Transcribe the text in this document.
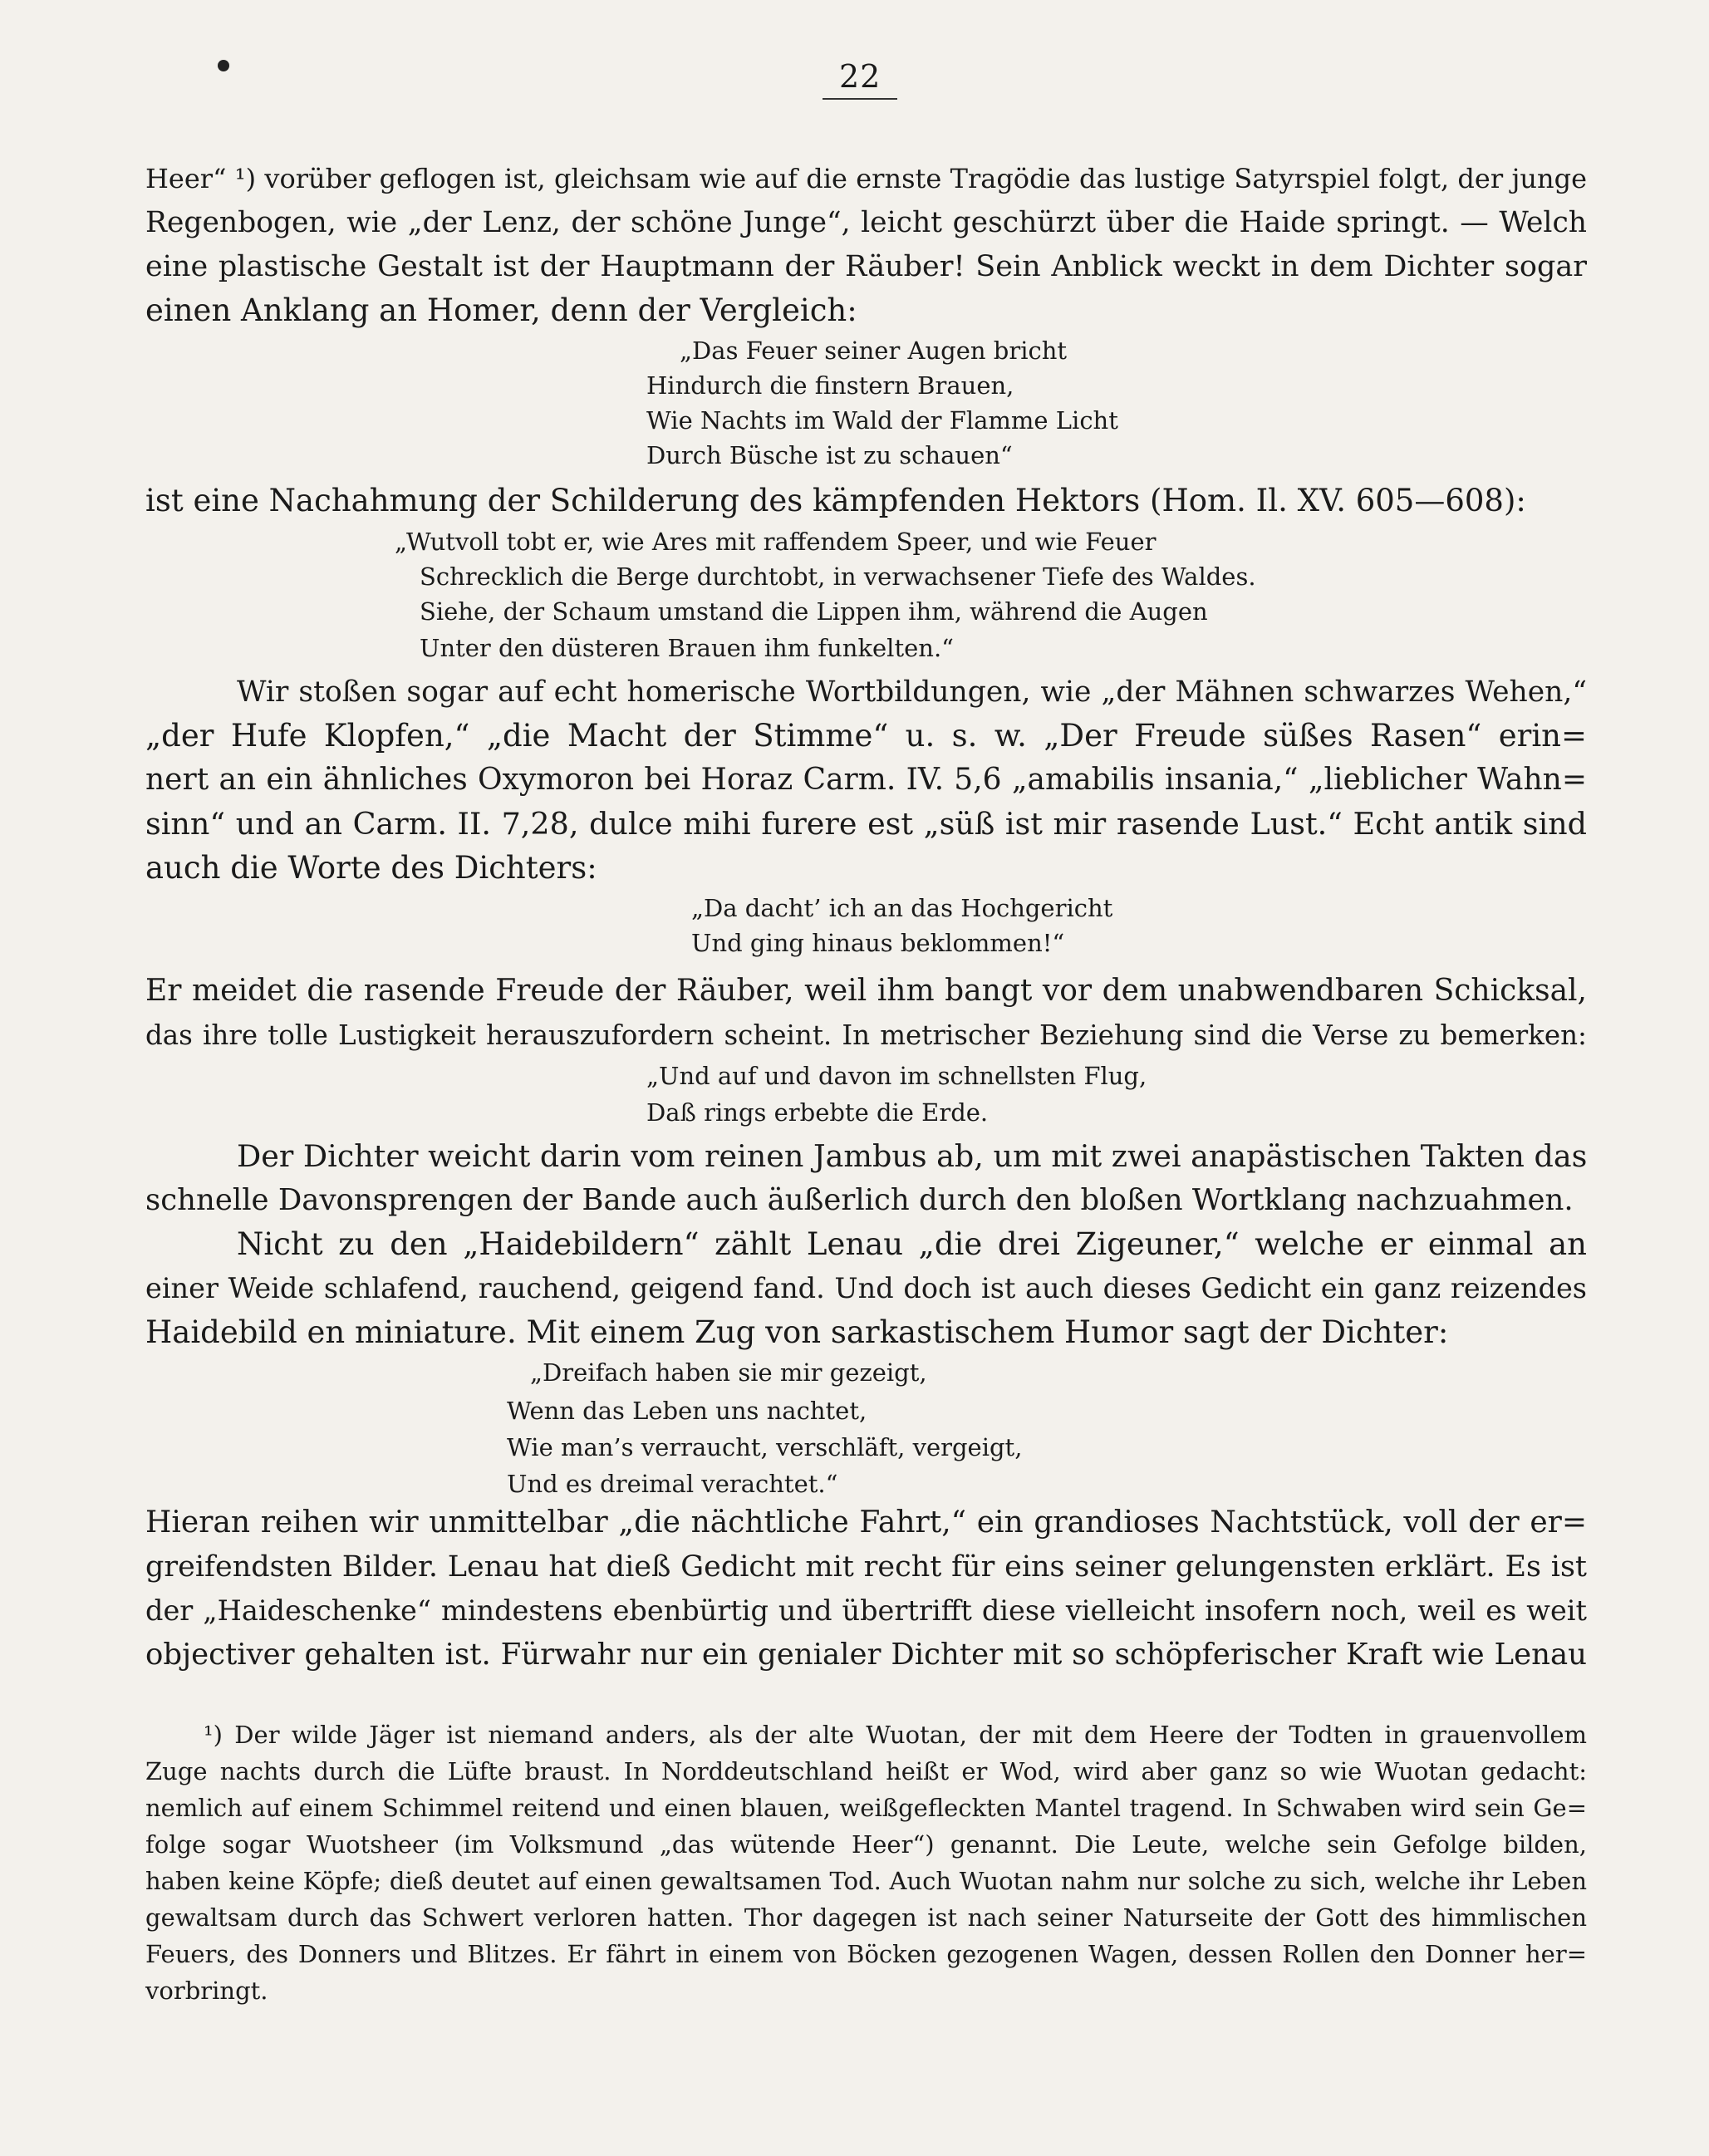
22
Heer“ ¹) vorüber geflogen ist, gleichsam wie auf die ernste Tragödie das lustige Satyrspiel folgt, der junge
Regenbogen, wie „der Lenz, der schöne Junge“, leicht geschürzt über die Haide springt. — Welch
eine plastische Gestalt ist der Hauptmann der Räuber! Sein Anblick weckt in dem Dichter sogar
einen Anklang an Homer, denn der Vergleich:
„Das Feuer seiner Augen bricht
Hindurch die finstern Brauen,
Wie Nachts im Wald der Flamme Licht
Durch Büsche ist zu schauen“
ist eine Nachahmung der Schilderung des kämpfenden Hektors (Hom. Il. XV. 605—608):
„Wutvoll tobt er, wie Ares mit raffendem Speer, und wie Feuer
Schrecklich die Berge durchtobt, in verwachsener Tiefe des Waldes.
Siehe, der Schaum umstand die Lippen ihm, während die Augen
Unter den düsteren Brauen ihm funkelten.“
Wir stoßen sogar auf echt homerische Wortbildungen, wie „der Mähnen schwarzes Wehen,“
„der Hufe Klopfen,“ „die Macht der Stimme“ u. s. w. „Der Freude süßes Rasen“ erin=
nert an ein ähnliches Oxymoron bei Horaz Carm. IV. 5,6 „amabilis insania,“ „lieblicher Wahn=
sinn“ und an Carm. II. 7,28, dulce mihi furere est „süß ist mir rasende Lust.“ Echt antik sind
auch die Worte des Dichters:
„Da dacht’ ich an das Hochgericht
Und ging hinaus beklommen!“
Er meidet die rasende Freude der Räuber, weil ihm bangt vor dem unabwendbaren Schicksal,
das ihre tolle Lustigkeit herauszufordern scheint. In metrischer Beziehung sind die Verse zu bemerken:
„Und auf und davon im schnellsten Flug,
Daß rings erbebte die Erde.
Der Dichter weicht darin vom reinen Jambus ab, um mit zwei anapästischen Takten das
schnelle Davonsprengen der Bande auch äußerlich durch den bloßen Wortklang nachzuahmen.
Nicht zu den „Haidebildern“ zählt Lenau „die drei Zigeuner,“ welche er einmal an
einer Weide schlafend, rauchend, geigend fand. Und doch ist auch dieses Gedicht ein ganz reizendes
Haidebild en miniature. Mit einem Zug von sarkastischem Humor sagt der Dichter:
„Dreifach haben sie mir gezeigt,
Wenn das Leben uns nachtet,
Wie man’s verraucht, verschläft, vergeigt,
Und es dreimal verachtet.“
Hieran reihen wir unmittelbar „die nächtliche Fahrt,“ ein grandioses Nachtstück, voll der er=
greifendsten Bilder. Lenau hat dieß Gedicht mit recht für eins seiner gelungensten erklärt. Es ist
der „Haideschenke“ mindestens ebenbürtig und übertrifft diese vielleicht insofern noch, weil es weit
objectiver gehalten ist. Fürwahr nur ein genialer Dichter mit so schöpferischer Kraft wie Lenau
¹) Der wilde Jäger ist niemand anders, als der alte Wuotan, der mit dem Heere der Todten in grauenvollem
Zuge nachts durch die Lüfte braust. In Norddeutschland heißt er Wod, wird aber ganz so wie Wuotan gedacht:
nemlich auf einem Schimmel reitend und einen blauen, weißgefleckten Mantel tragend. In Schwaben wird sein Ge=
folge sogar Wuotsheer (im Volksmund „das wütende Heer“) genannt. Die Leute, welche sein Gefolge bilden,
haben keine Köpfe; dieß deutet auf einen gewaltsamen Tod. Auch Wuotan nahm nur solche zu sich, welche ihr Leben
gewaltsam durch das Schwert verloren hatten. Thor dagegen ist nach seiner Naturseite der Gott des himmlischen
Feuers, des Donners und Blitzes. Er fährt in einem von Böcken gezogenen Wagen, dessen Rollen den Donner her=
vorbringt.
